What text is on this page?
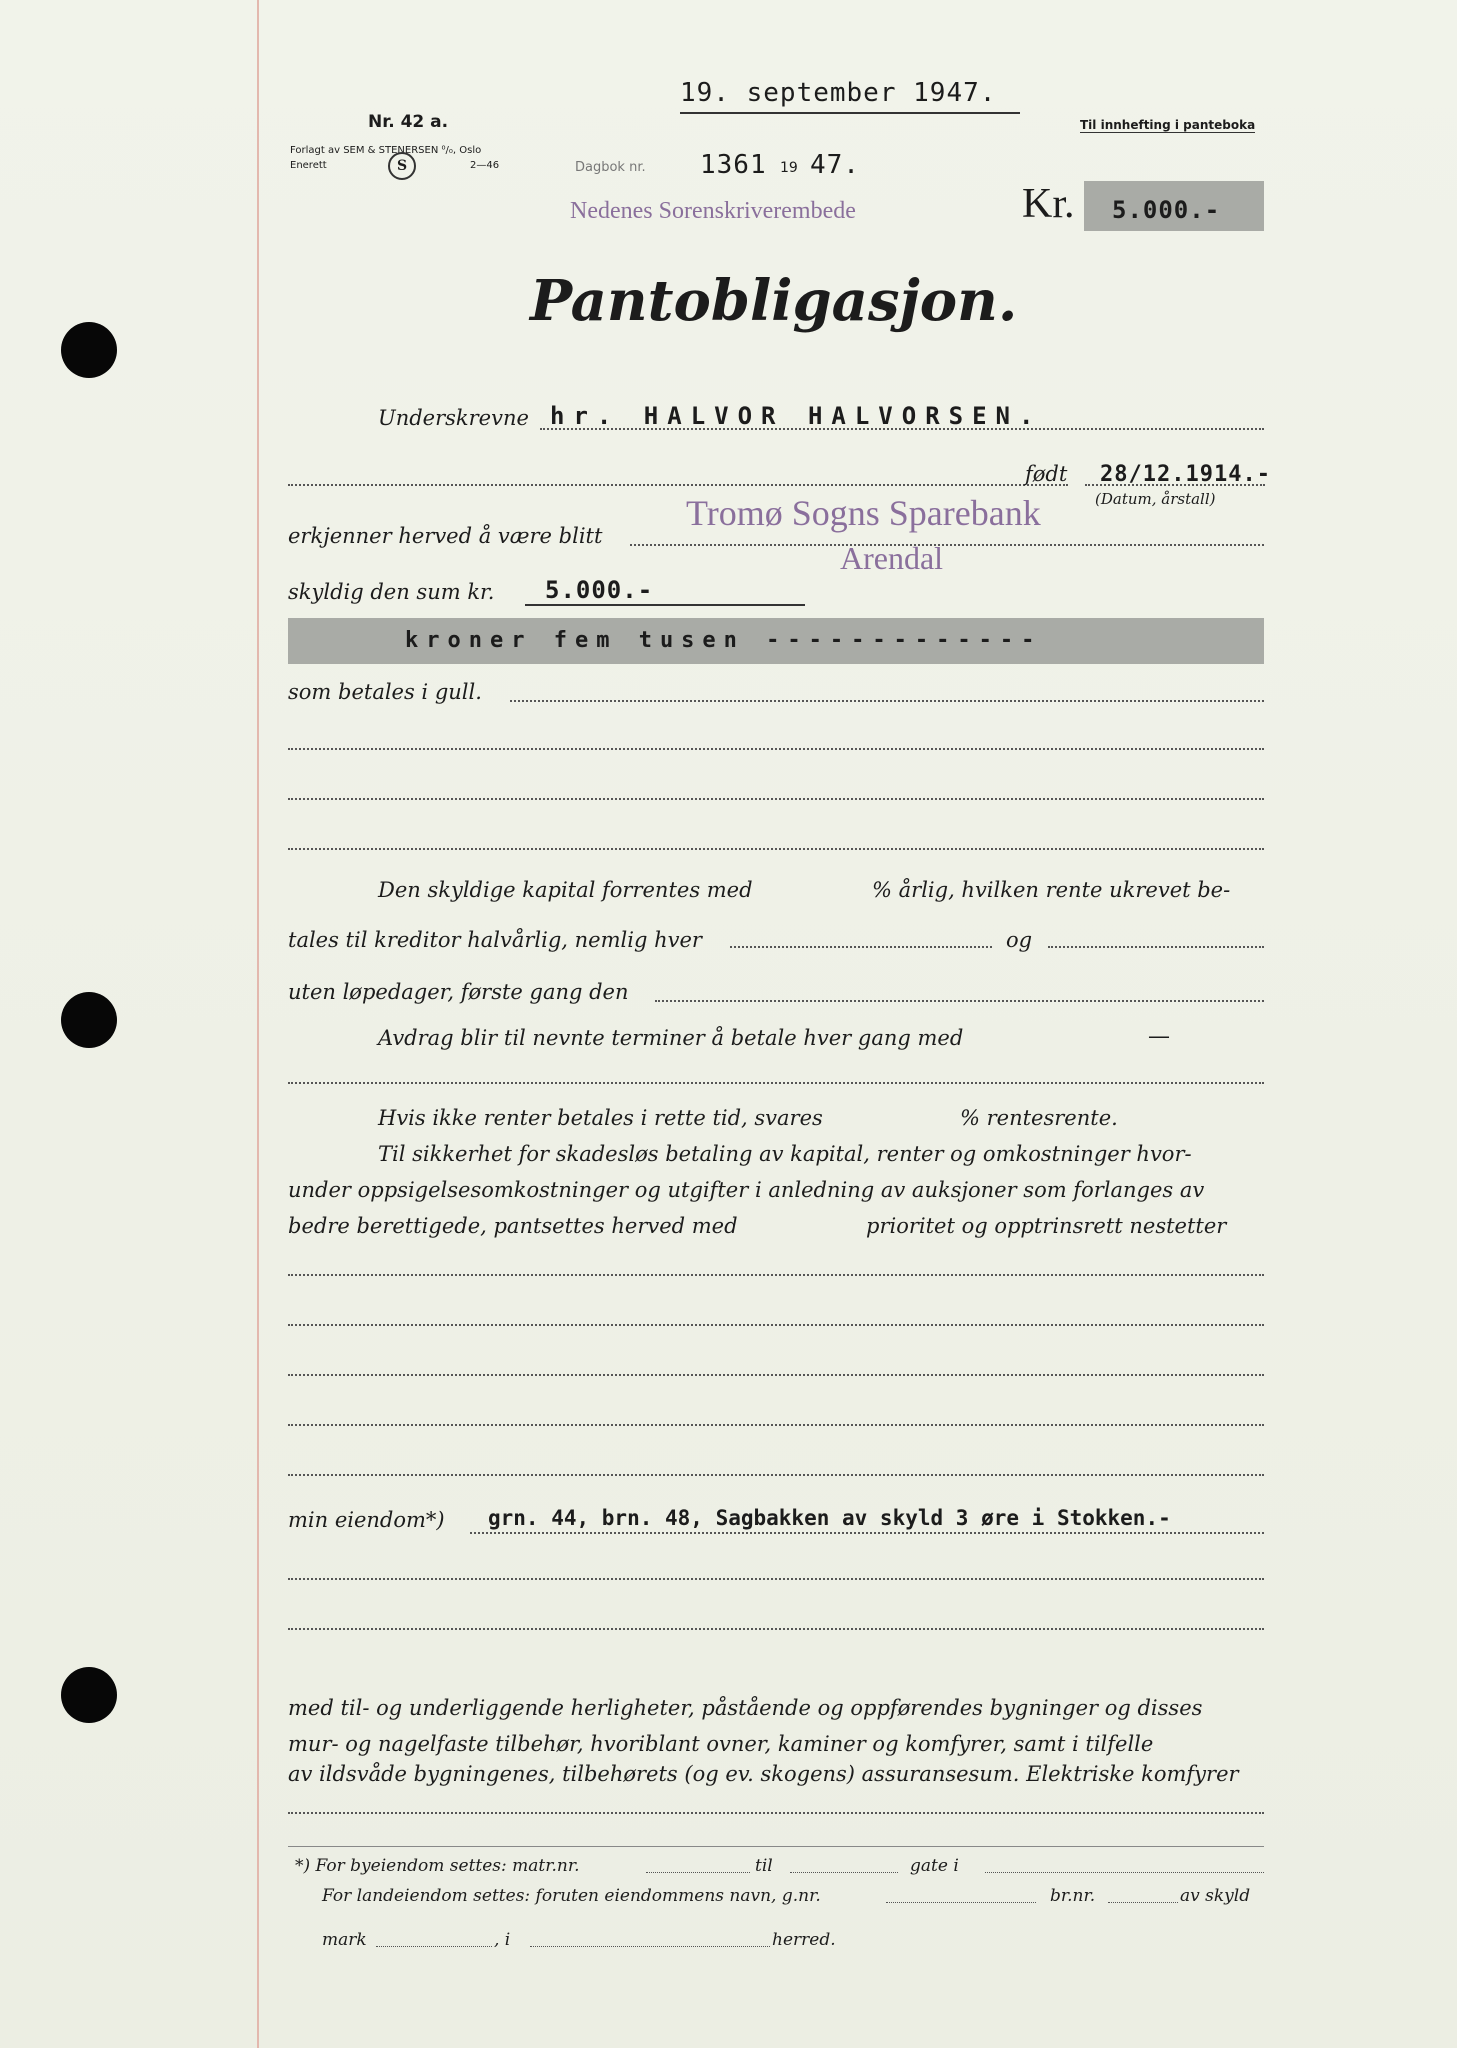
19. september 1947.
Nr. 42 a.
Forlagt av SEM & STENERSEN ⁰/₀, Oslo
Enerett	S	2—46
Til innhefting i panteboka
Dagbok nr. 1361 19 47.
Nedenes Sorenskriverembede	Kr. 5.000.-
Pantobligasjon.
Underskrevne hr. HALVOR HALVORSEN.
født 28/12.1914.-
(Datum, årstall)
erkjenner herved å være blitt
Tromø Sogns Sparebank
Arendal
skyldig den sum kr. 5.000.-
kroner fem tusen -------------
som betales i gull.
Den skyldige kapital forrentes med	% årlig, hvilken rente ukrevet be-
tales til kreditor halvårlig, nemlig hver	og
uten løpedager, første gang den
Avdrag blir til nevnte terminer å betale hver gang med	—
Hvis ikke renter betales i rette tid, svares	% rentesrente.
Til sikkerhet for skadesløs betaling av kapital, renter og omkostninger hvor-
under oppsigelsesomkostninger og utgifter i anledning av auksjoner som forlanges av
bedre berettigede, pantsettes herved med	prioritet og opptrinsrett nestetter
min eiendom*) grn. 44, brn. 48, Sagbakken av skyld 3 øre i Stokken.-
med til- og underliggende herligheter, påstående og oppførendes bygninger og disses
mur- og nagelfaste tilbehør, hvoriblant ovner, kaminer og komfyrer, samt i tilfelle
av ildsvåde bygningenes, tilbehørets (og ev. skogens) assuransesum. Elektriske komfyrer
*) For byeiendom settes: matr.nr.	til	gate i
For landeiendom settes: foruten eiendommens navn, g.nr.	br.nr.	av skyld
mark	, i	herred.
